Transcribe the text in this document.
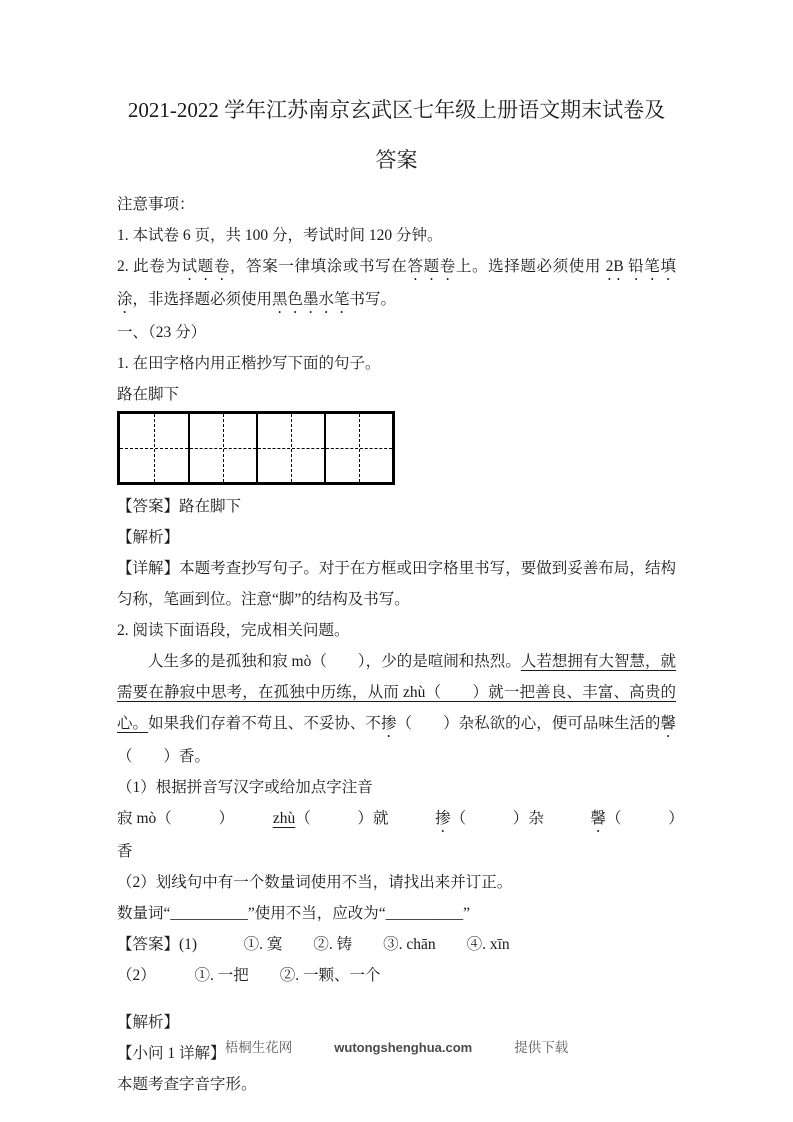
2021-2022 学年江苏南京玄武区七年级上册语文期末试卷及
答案

注意事项：

1. 本试卷 6 页，共 100 分，考试时间 120 分钟。

2. 此卷为试题卷，答案一律填涂或书写在答题卷上。选择题必须使用 2B 铅笔填涂，非选择题必须使用黑色墨水笔书写。

一、（23 分）

1. 在田字格内用正楷抄写下面的句子。

路在脚下

【答案】路在脚下

【解析】

【详解】本题考查抄写句子。对于在方框或田字格里书写，要做到妥善布局，结构匀称，笔画到位。注意“脚”的结构及书写。

2. 阅读下面语段，完成相关问题。

人生多的是孤独和寂 mò（　　），少的是喧闹和热烈。人若想拥有大智慧，就需要在静寂中思考，在孤独中历练，从而 zhù（　　）就一把善良、丰富、高贵的心。如果我们存着不苟且、不妥协、不掺（　　）杂私欲的心，便可品味生活的馨（　　）香。

（1）根据拼音写汉字或给加点字注音

寂 mò（　　　）　　　zhù（　　　）就　　　掺（　　　）杂　　　馨（　　　）香

（2）划线句中有一个数量词使用不当，请找出来并订正。

数量词“__________”使用不当，应改为“__________”

【答案】(1)　　　①. 寞　　②. 铸　　③. chān　　④. xīn

（2）　　　①. 一把　　②. 一颗、一个

【解析】

【小问 1 详解】

本题考查字音字形。

梧桐生花网	wutongshenghua.com	提供下载
